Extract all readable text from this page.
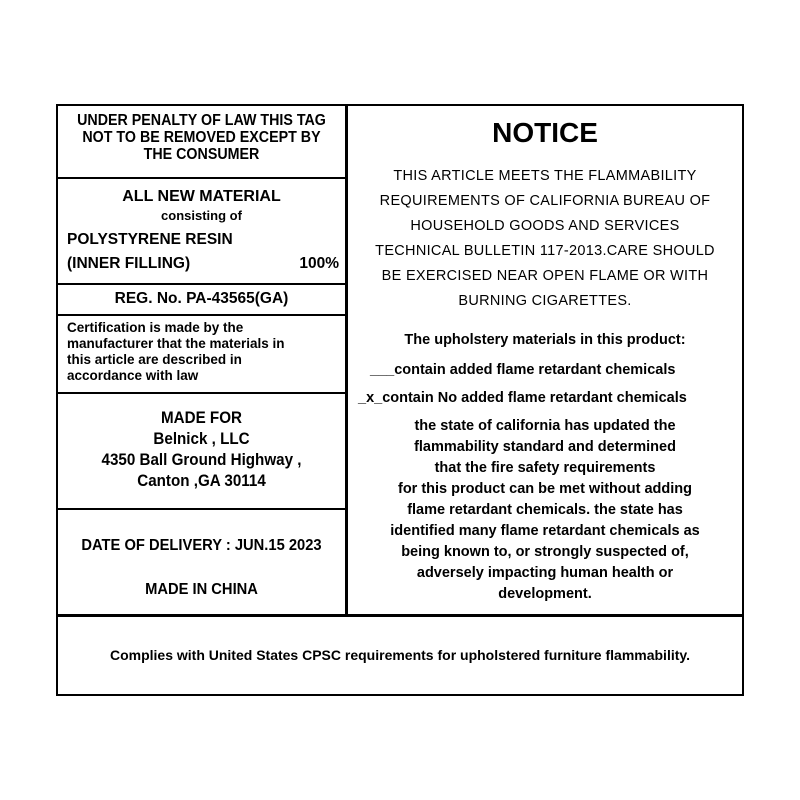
UNDER PENALTY OF LAW THIS TAG
NOT TO BE REMOVED EXCEPT BY
THE CONSUMER
ALL NEW MATERIAL
consisting of
POLYSTYRENE RESIN
(INNER FILLING)	100%
REG. No. PA-43565(GA)
Certification is made by the
manufacturer that the materials in
this article are described in
accordance with law
MADE FOR
Belnick , LLC
4350 Ball Ground Highway ,
Canton ,GA 30114
DATE OF DELIVERY : JUN.15 2023
MADE IN CHINA
NOTICE
THIS ARTICLE MEETS THE FLAMMABILITY
REQUIREMENTS OF CALIFORNIA BUREAU OF
HOUSEHOLD GOODS AND SERVICES
TECHNICAL BULLETIN 117-2013.CARE SHOULD
BE EXERCISED NEAR OPEN FLAME OR WITH
BURNING CIGARETTES.
The upholstery materials in this product:
___contain added flame retardant chemicals
_x_contain No added flame retardant chemicals
the state of california has updated the
flammability standard and determined
that the fire safety requirements
for this product can be met without adding
flame retardant chemicals. the state has
identified many flame retardant chemicals as
being known to, or strongly suspected of,
adversely impacting human health or
development.
Complies with United States CPSC requirements for upholstered furniture flammability.
